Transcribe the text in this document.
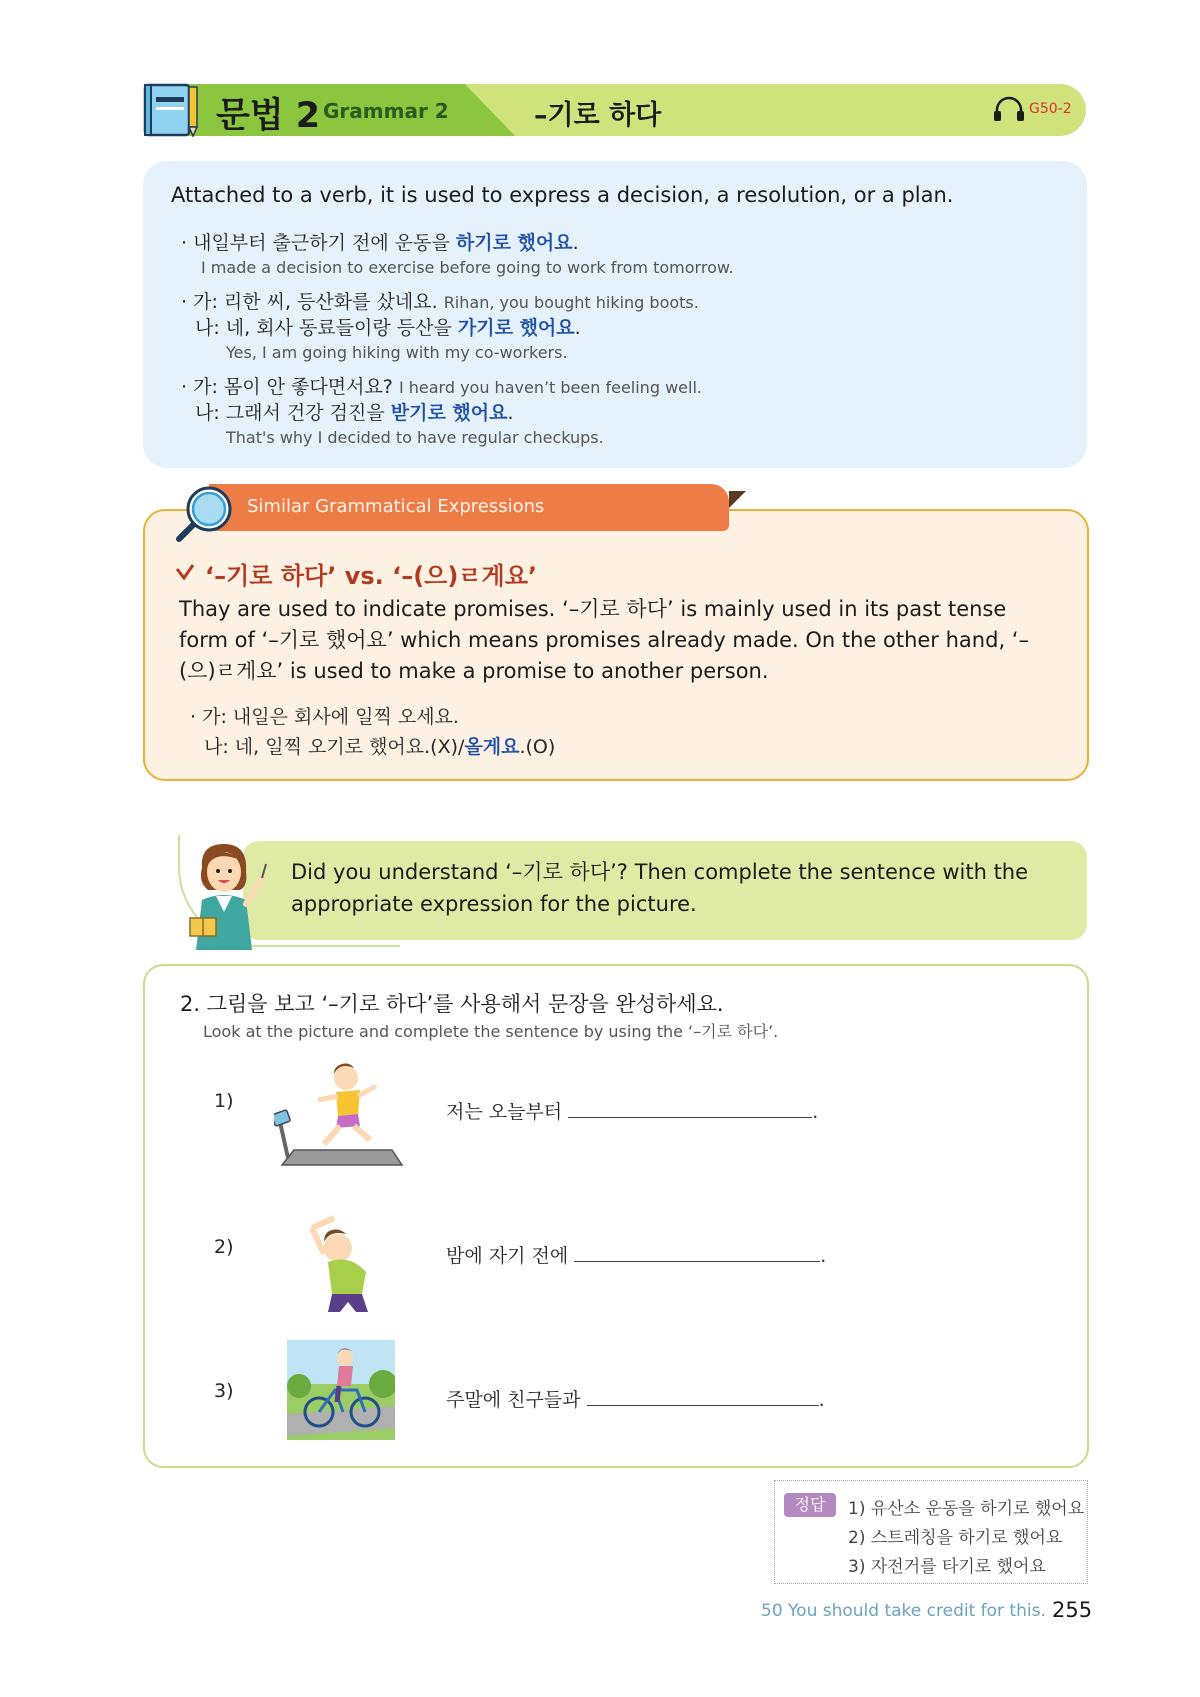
문법 2 Grammar 2	–기로 하다	G50-2
Attached to a verb, it is used to express a decision, a resolution, or a plan.
· 내일부터 출근하기 전에 운동을 하기로 했어요.
I made a decision to exercise before going to work from tomorrow.
· 가: 리한 씨, 등산화를 샀네요. Rihan, you bought hiking boots.
나: 네, 회사 동료들이랑 등산을 가기로 했어요.
Yes, I am going hiking with my co-workers.
· 가: 몸이 안 좋다면서요? I heard you haven’t been feeling well.
나: 그래서 건강 검진을 받기로 했어요.
That's why I decided to have regular checkups.
Similar Grammatical Expressions
‘–기로 하다’ vs. ‘–(으)ㄹ게요’
Thay are used to indicate promises. ‘–기로 하다’ is mainly used in its past tense form of ‘–기로 했어요’ which means promises already made. On the other hand, ‘–(으)ㄹ게요’ is used to make a promise to another person.
· 가: 내일은 회사에 일찍 오세요.
나: 네, 일찍 오기로 했어요.(X)/올게요.(O)
Did you understand ‘–기로 하다’? Then complete the sentence with the appropriate expression for the picture.
2. 그림을 보고 ‘–기로 하다’를 사용해서 문장을 완성하세요.
Look at the picture and complete the sentence by using the ‘–기로 하다’.
1)	저는 오늘부터	.
2)	밤에 자기 전에	.
3)	주말에 친구들과	.
정답	1) 유산소 운동을 하기로 했어요
2) 스트레칭을 하기로 했어요
3) 자전거를 타기로 했어요
50 You should take credit for this. 255
